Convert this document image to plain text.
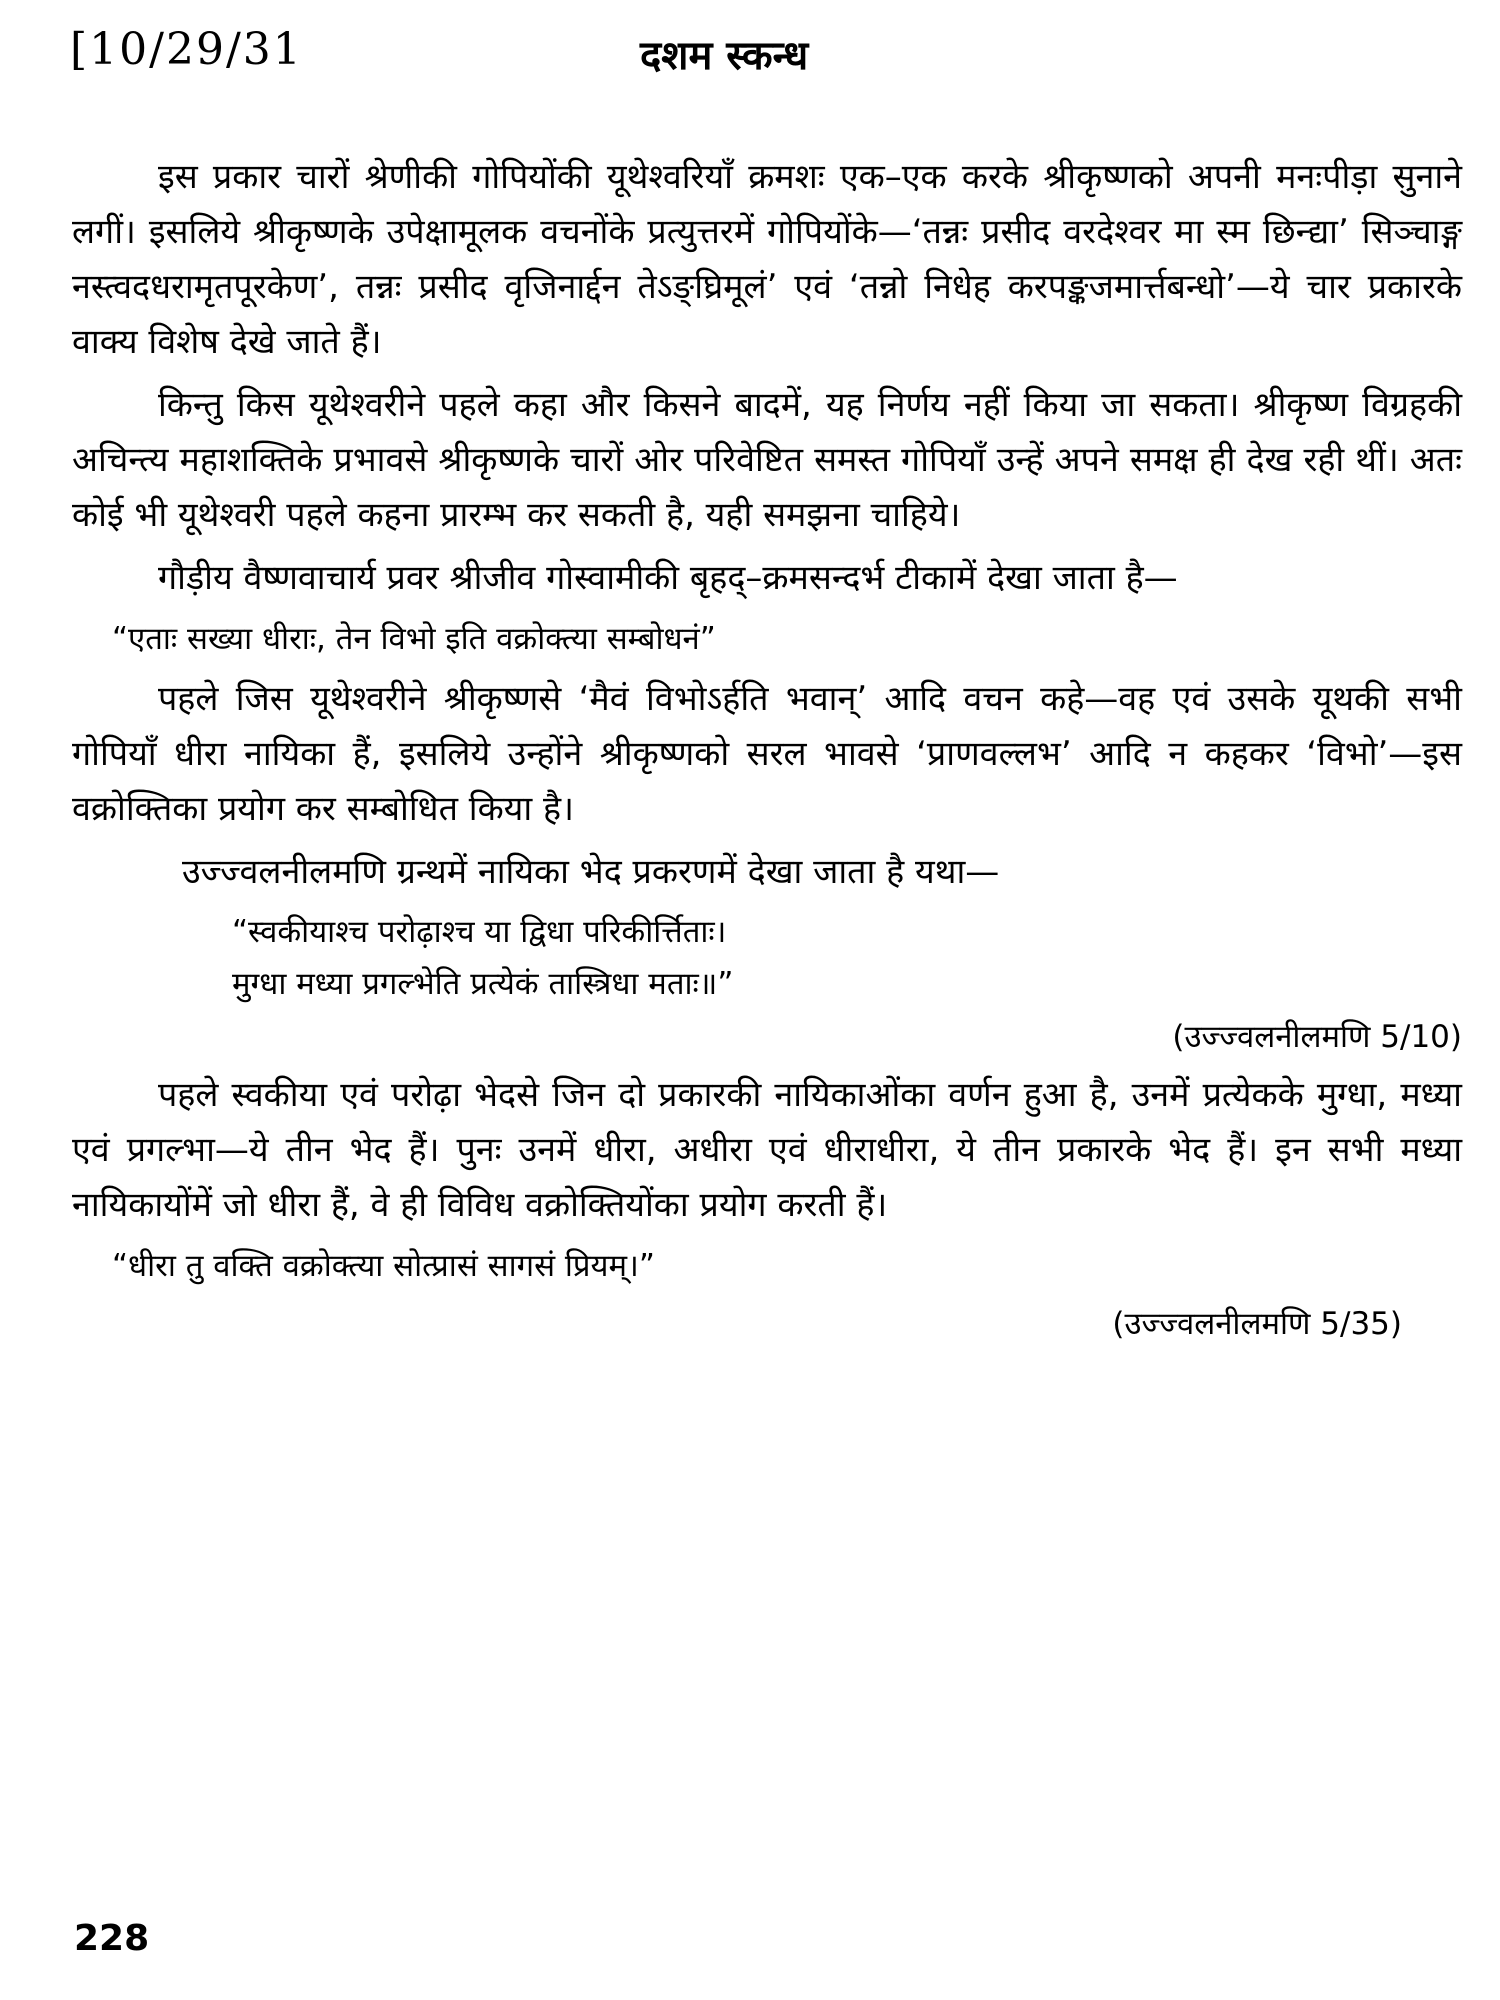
[10/29/31	दशम स्कन्ध

इस प्रकार चारों श्रेणीकी गोपियोंकी यूथेश्वरियाँ क्रमशः एक–एक करके श्रीकृष्णको अपनी मनःपीड़ा सुनाने लगीं। इसलिये श्रीकृष्णके उपेक्षामूलक वचनोंके प्रत्युत्तरमें गोपियोंके—‘तन्नः प्रसीद वरदेश्वर मा स्म छिन्द्या’ सिञ्चाङ्ग नस्त्वदधरामृतपूरकेण’, तन्नः प्रसीद वृजिनार्द्दन तेऽङ्घ्रिमूलं’ एवं ‘तन्नो निधेह करपङ्कजमार्त्तबन्धो’—ये चार प्रकारके वाक्य विशेष देखे जाते हैं।

किन्तु किस यूथेश्वरीने पहले कहा और किसने बादमें, यह निर्णय नहीं किया जा सकता। श्रीकृष्ण विग्रहकी अचिन्त्य महाशक्तिके प्रभावसे श्रीकृष्णके चारों ओर परिवेष्टित समस्त गोपियाँ उन्हें अपने समक्ष ही देख रही थीं। अतः कोई भी यूथेश्वरी पहले कहना प्रारम्भ कर सकती है, यही समझना चाहिये।

गौड़ीय वैष्णवाचार्य प्रवर श्रीजीव गोस्वामीकी बृहद्–क्रमसन्दर्भ टीकामें देखा जाता है—

“एताः सख्या धीराः, तेन विभो इति वक्रोक्त्या सम्बोधनं”

पहले जिस यूथेश्वरीने श्रीकृष्णसे ‘मैवं विभोऽर्हति भवान्’ आदि वचन कहे—वह एवं उसके यूथकी सभी गोपियाँ धीरा नायिका हैं, इसलिये उन्होंने श्रीकृष्णको सरल भावसे ‘प्राणवल्लभ’ आदि न कहकर ‘विभो’—इस वक्रोक्तिका प्रयोग कर सम्बोधित किया है।

उज्ज्वलनीलमणि ग्रन्थमें नायिका भेद प्रकरणमें देखा जाता है यथा—

“स्वकीयाश्च परोढ़ाश्च या द्विधा परिकीर्त्तिताः।

मुग्धा मध्या प्रगल्भेति प्रत्येकं तास्त्रिधा मताः॥”

(उज्ज्वलनीलमणि 5/10)

पहले स्वकीया एवं परोढ़ा भेदसे जिन दो प्रकारकी नायिकाओंका वर्णन हुआ है, उनमें प्रत्येकके मुग्धा, मध्या एवं प्रगल्भा—ये तीन भेद हैं। पुनः उनमें धीरा, अधीरा एवं धीराधीरा, ये तीन प्रकारके भेद हैं। इन सभी मध्या नायिकायोंमें जो धीरा हैं, वे ही विविध वक्रोक्तियोंका प्रयोग करती हैं।

“धीरा तु वक्ति वक्रोक्त्या सोत्प्रासं सागसं प्रियम्।”

(उज्ज्वलनीलमणि 5/35)

228
